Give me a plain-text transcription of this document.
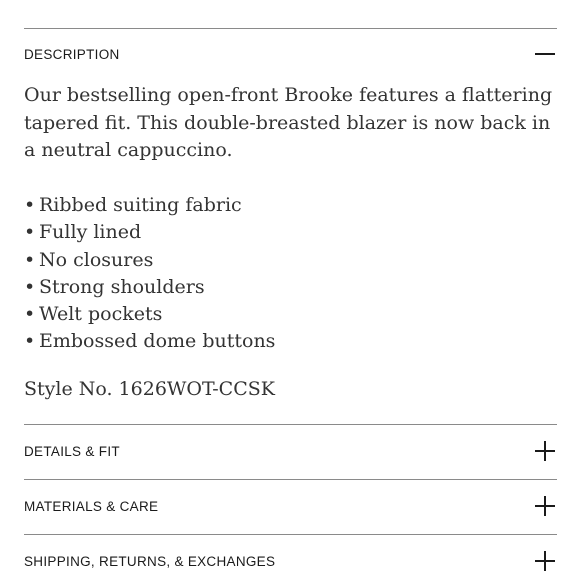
DESCRIPTION

Our bestselling open-front Brooke features a flattering tapered fit. This double-breasted blazer is now back in a neutral cappuccino.

• Ribbed suiting fabric
• Fully lined
• No closures
• Strong shoulders
• Welt pockets
• Embossed dome buttons
Style No. 1626WOT-CCSK
DETAILS & FIT
MATERIALS & CARE
SHIPPING, RETURNS, & EXCHANGES
